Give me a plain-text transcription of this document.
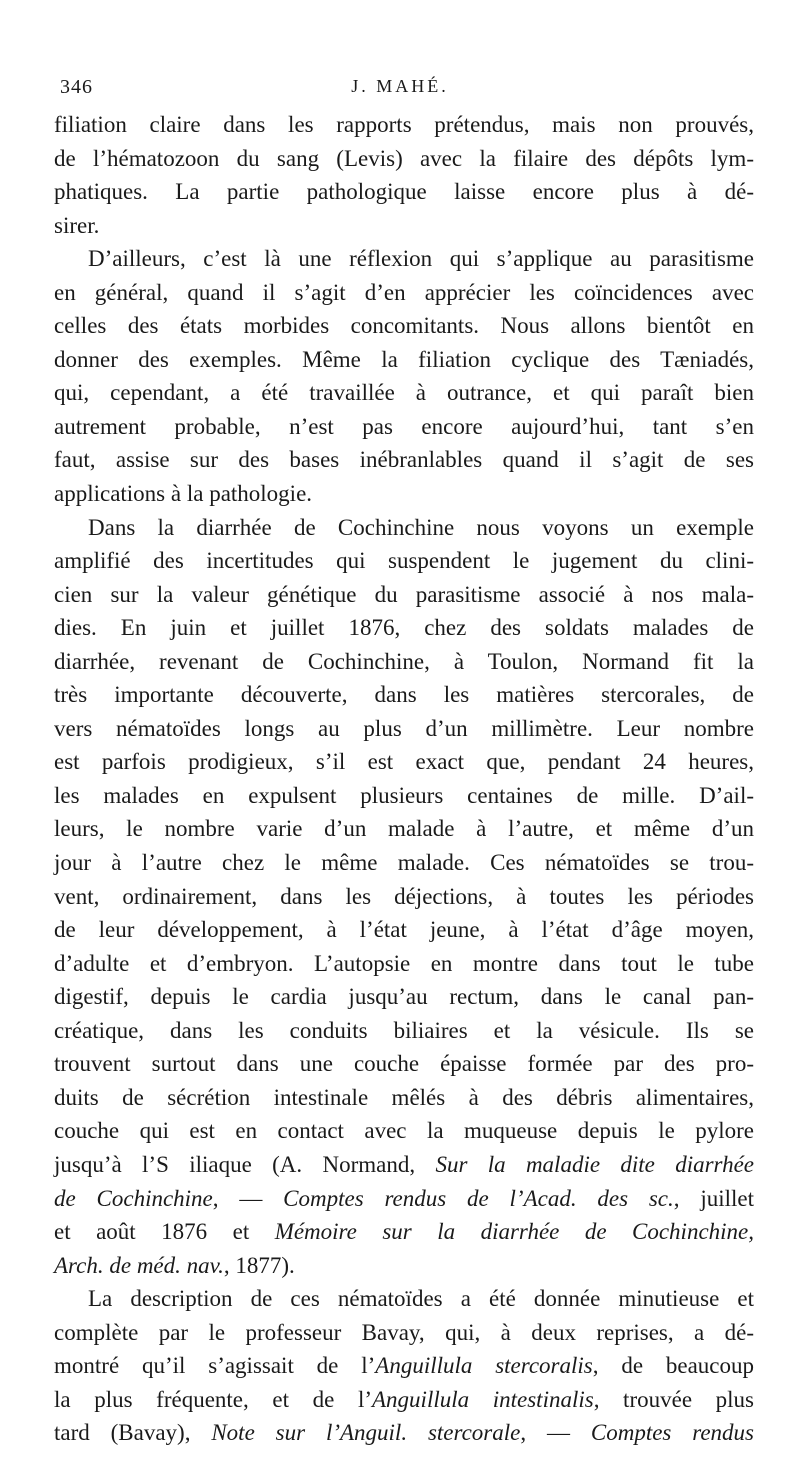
346	J. MAHÉ.
filiation claire dans les rapports prétendus, mais non prouvés,
de l’hématozoon du sang (Levis) avec la filaire des dépôts lym-
phatiques. La partie pathologique laisse encore plus à dé-
sirer.
D’ailleurs, c’est là une réflexion qui s’applique au parasitisme
en général, quand il s’agit d’en apprécier les coïncidences avec
celles des états morbides concomitants. Nous allons bientôt en
donner des exemples. Même la filiation cyclique des Tæniadés,
qui, cependant, a été travaillée à outrance, et qui paraît bien
autrement probable, n’est pas encore aujourd’hui, tant s’en
faut, assise sur des bases inébranlables quand il s’agit de ses
applications à la pathologie.
Dans la diarrhée de Cochinchine nous voyons un exemple
amplifié des incertitudes qui suspendent le jugement du clini-
cien sur la valeur génétique du parasitisme associé à nos mala-
dies. En juin et juillet 1876, chez des soldats malades de
diarrhée, revenant de Cochinchine, à Toulon, Normand fit la
très importante découverte, dans les matières stercorales, de
vers nématoïdes longs au plus d’un millimètre. Leur nombre
est parfois prodigieux, s’il est exact que, pendant 24 heures,
les malades en expulsent plusieurs centaines de mille. D’ail-
leurs, le nombre varie d’un malade à l’autre, et même d’un
jour à l’autre chez le même malade. Ces nématoïdes se trou-
vent, ordinairement, dans les déjections, à toutes les périodes
de leur développement, à l’état jeune, à l’état d’âge moyen,
d’adulte et d’embryon. L’autopsie en montre dans tout le tube
digestif, depuis le cardia jusqu’au rectum, dans le canal pan-
créatique, dans les conduits biliaires et la vésicule. Ils se
trouvent surtout dans une couche épaisse formée par des pro-
duits de sécrétion intestinale mêlés à des débris alimentaires,
couche qui est en contact avec la muqueuse depuis le pylore
jusqu’à l’S iliaque (A. Normand, Sur la maladie dite diarrhée
de Cochinchine, — Comptes rendus de l’Acad. des sc., juillet
et août 1876 et Mémoire sur la diarrhée de Cochinchine,
Arch. de méd. nav., 1877).
La description de ces nématoïdes a été donnée minutieuse et
complète par le professeur Bavay, qui, à deux reprises, a dé-
montré qu’il s’agissait de l’Anguillula stercoralis, de beaucoup
la plus fréquente, et de l’Anguillula intestinalis, trouvée plus
tard (Bavay), Note sur l’Anguil. stercorale, — Comptes rendus
